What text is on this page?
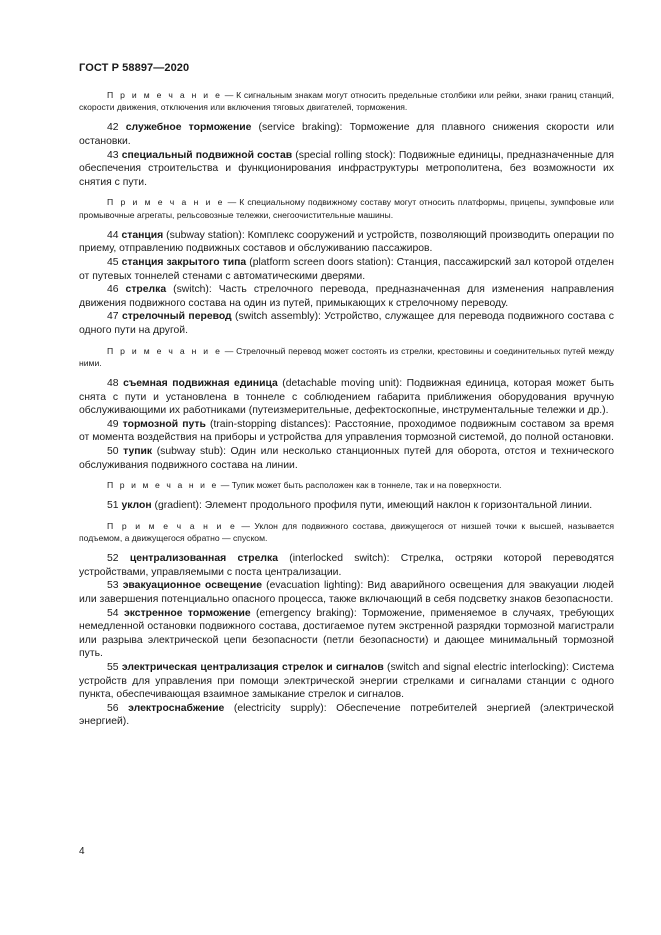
ГОСТ Р 58897—2020

П р и м е ч а н и е — К сигнальным знакам могут относить предельные столбики или рейки, знаки границ станций, скорости движения, отключения или включения тяговых двигателей, торможения.

42 служебное торможение (service braking): Торможение для плавного снижения скорости или остановки.

43 специальный подвижной состав (special rolling stock): Подвижные единицы, предназначенные для обеспечения строительства и функционирования инфраструктуры метрополитена, без возможности их снятия с пути.

П р и м е ч а н и е — К специальному подвижному составу могут относить платформы, прицепы, зумпфовые или промывочные агрегаты, рельсовозные тележки, снегоочистительные машины.

44 станция (subway station): Комплекс сооружений и устройств, позволяющий производить операции по приему, отправлению подвижных составов и обслуживанию пассажиров.

45 станция закрытого типа (platform screen doors station): Станция, пассажирский зал которой отделен от путевых тоннелей стенами с автоматическими дверями.

46 стрелка (switch): Часть стрелочного перевода, предназначенная для изменения направления движения подвижного состава на один из путей, примыкающих к стрелочному переводу.

47 стрелочный перевод (switch assembly): Устройство, служащее для перевода подвижного состава с одного пути на другой.

П р и м е ч а н и е — Стрелочный перевод может состоять из стрелки, крестовины и соединительных путей между ними.

48 съемная подвижная единица (detachable moving unit): Подвижная единица, которая может быть снята с пути и установлена в тоннеле с соблюдением габарита приближения оборудования вручную обслуживающими их работниками (путеизмерительные, дефектоскопные, инструментальные тележки и др.).

49 тормозной путь (train-stopping distances): Расстояние, проходимое подвижным составом за время от момента воздействия на приборы и устройства для управления тормозной системой, до полной остановки.

50 тупик (subway stub): Один или несколько станционных путей для оборота, отстоя и технического обслуживания подвижного состава на линии.

П р и м е ч а н и е — Тупик может быть расположен как в тоннеле, так и на поверхности.

51 уклон (gradient): Элемент продольного профиля пути, имеющий наклон к горизонтальной линии.

П р и м е ч а н и е — Уклон для подвижного состава, движущегося от низшей точки к высшей, называется подъемом, а движущегося обратно — спуском.

52 централизованная стрелка (interlocked switch): Стрелка, остряки которой переводятся устройствами, управляемыми с поста централизации.

53 эвакуационное освещение (evacuation lighting): Вид аварийного освещения для эвакуации людей или завершения потенциально опасного процесса, также включающий в себя подсветку знаков безопасности.

54 экстренное торможение (emergency braking): Торможение, применяемое в случаях, требующих немедленной остановки подвижного состава, достигаемое путем экстренной разрядки тормозной магистрали или разрыва электрической цепи безопасности (петли безопасности) и дающее минимальный тормозной путь.

55 электрическая централизация стрелок и сигналов (switch and signal electric interlocking): Система устройств для управления при помощи электрической энергии стрелками и сигналами станции с одного пункта, обеспечивающая взаимное замыкание стрелок и сигналов.

56 электроснабжение (electricity supply): Обеспечение потребителей энергией (электрической энергией).

4
